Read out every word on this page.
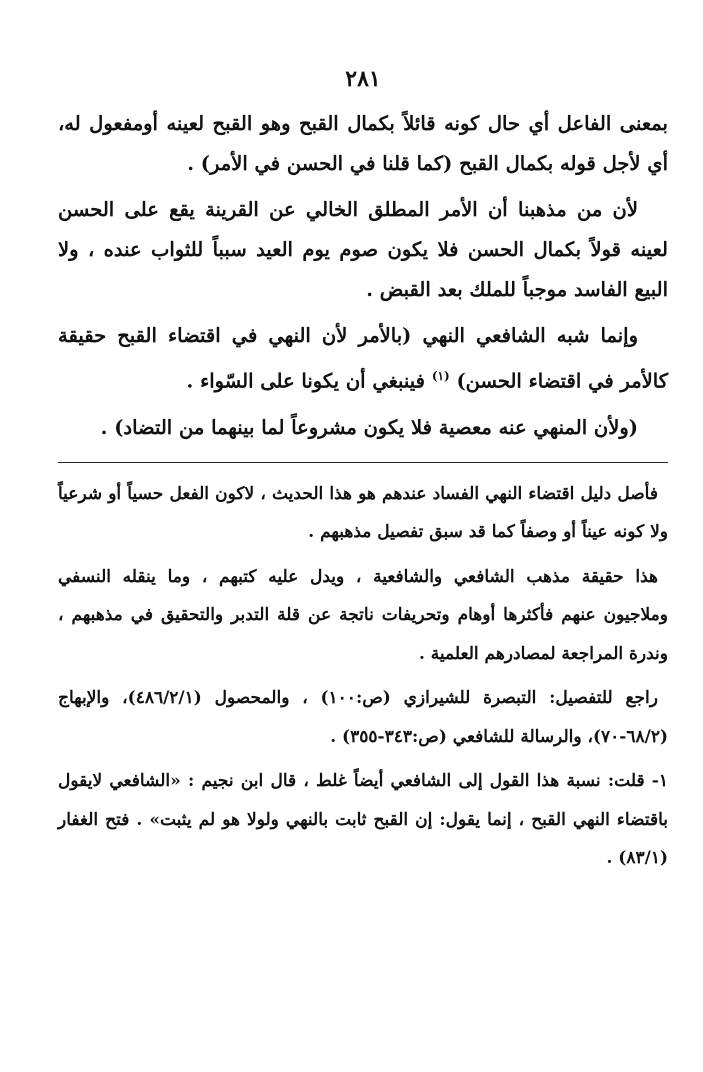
٢٨١

بمعنى الفاعل أي حال كونه قائلاً بكمال القبح وهو القبح لعينه أومفعول له، أي لأجل قوله بكمال القبح (كما قلنا في الحسن في الأمر) .

لأن من مذهبنا أن الأمر المطلق الخالي عن القرينة يقع على الحسن لعينه قولاً بكمال الحسن فلا يكون صوم يوم العيد سبباً للثواب عنده ، ولا البيع الفاسد موجباً للملك بعد القبض .

وإنما شبه الشافعي النهي (بالأمر لأن النهي في اقتضاء القبح حقيقة كالأمر في اقتضاء الحسن) $^{(١)}$ فينبغي أن يكونا على السّواء .

(ولأن المنهي عنه معصية فلا يكون مشروعاً لما بينهما من التضاد) .

فأصل دليل اقتضاء النهي الفساد عندهم هو هذا الحديث ، لاكون الفعل حسياً أو شرعياً ولا كونه عيناً أو وصفاً كما قد سبق تفصيل مذهبهم .

هذا حقيقة مذهب الشافعي والشافعية ، ويدل عليه كتبهم ، وما ينقله النسفي وملاجيون عنهم فأكثرها أوهام وتحريفات ناتجة عن قلة التدبر والتحقيق في مذهبهم ، وندرة المراجعة لمصادرهم العلمية .

راجع للتفصيل: التبصرة للشيرازي (ص:١٠٠) ، والمحصول (٤٨٦/٢/١)، والإبهاج (٦٨/٢-٧٠)، والرسالة للشافعي (ص:٣٤٣-٣٥٥) .

١- قلت: نسبة هذا القول إلى الشافعي أيضاً غلط ، قال ابن نجيم : «الشافعي لايقول باقتضاء النهي القبح ، إنما يقول: إن القبح ثابت بالنهي ولولا هو لم يثبت» . فتح الغفار (٨٣/١) .
